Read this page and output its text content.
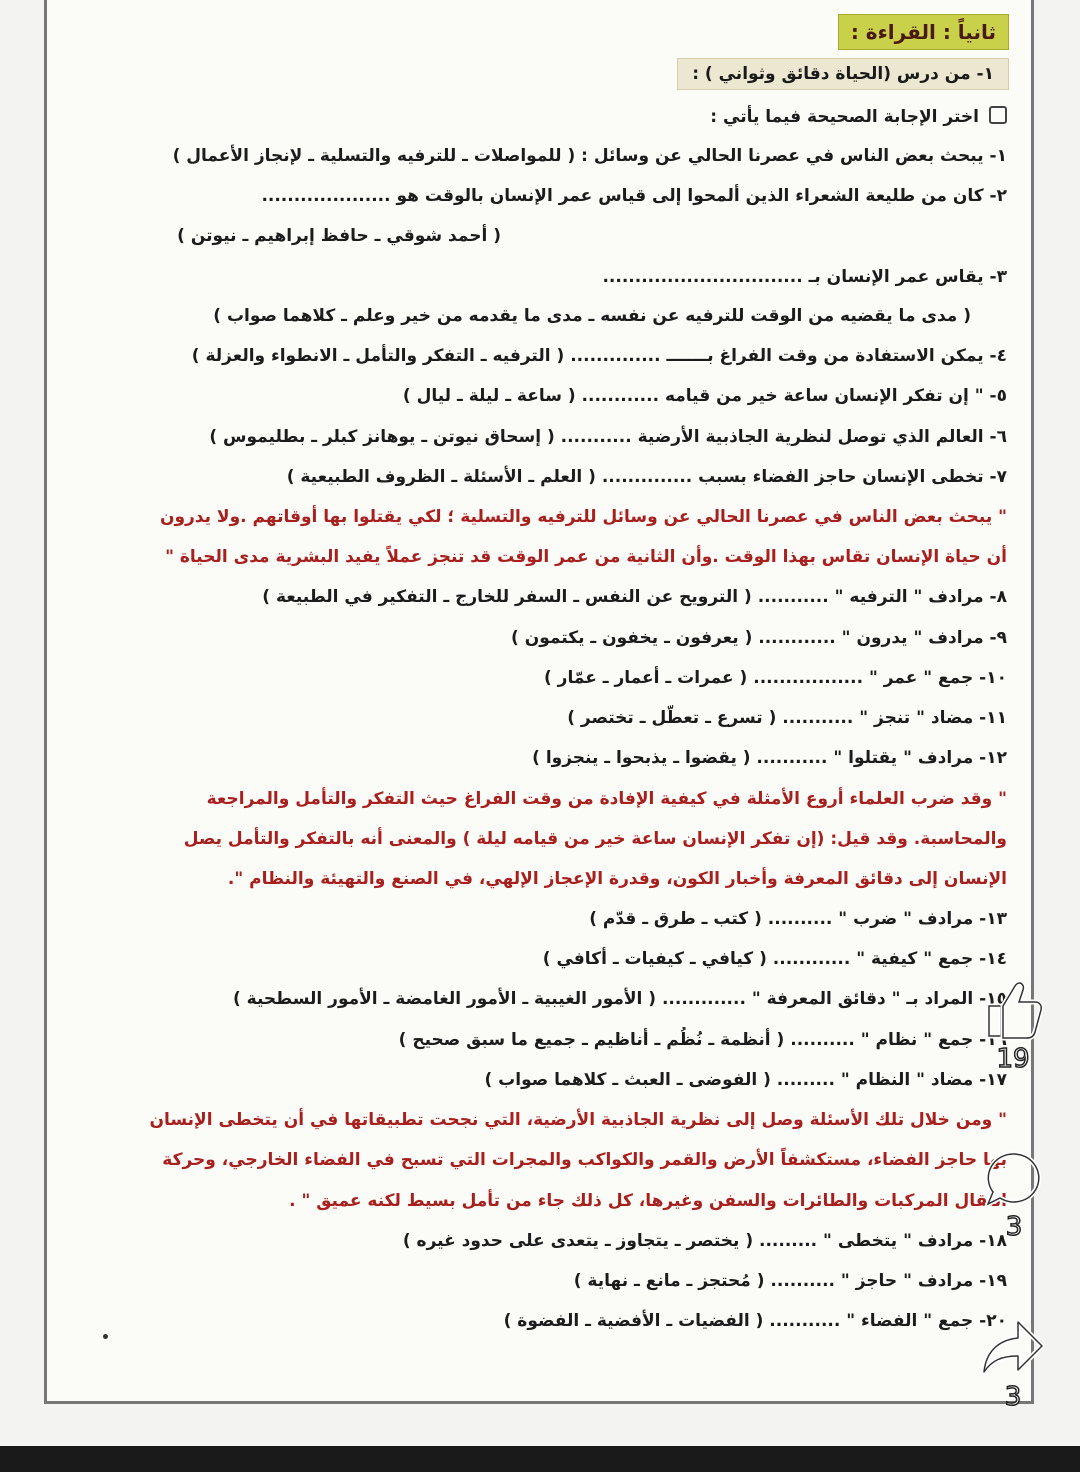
ثانياً : القراءة :
١- من درس (الحياة دقائق وثواني ) :
اختر الإجابة الصحيحة فيما يأتي :
١- يبحث بعض الناس في عصرنا الحالي عن وسائل : ( للمواصلات ـ للترفيه والتسلية ـ لإنجاز الأعمال )
٢- كان من طليعة الشعراء الذين ألمحوا إلى قياس عمر الإنسان بالوقت هو ....................
( أحمد شوقي ـ حافظ إبراهيم ـ نيوتن )
٣- يقاس عمر الإنسان بـ ...............................
( مدى ما يقضيه من الوقت للترفيه عن نفسه ـ مدى ما يقدمه من خير وعلم ـ كلاهما صواب )
٤- يمكن الاستفادة من وقت الفراغ بـــــــ .............. ( الترفيه ـ التفكر والتأمل ـ الانطواء والعزلة )
٥- " إن تفكر الإنسان ساعة خير من قيامه ............ ( ساعة ـ ليلة ـ ليال )
٦- العالم الذي توصل لنظرية الجاذبية الأرضية ........... ( إسحاق نيوتن ـ يوهانز كبلر ـ بطليموس )
٧- تخطى الإنسان حاجز الفضاء بسبب .............. ( العلم ـ الأسئلة ـ الظروف الطبيعية )
" يبحث بعض الناس في عصرنا الحالي عن وسائل للترفيه والتسلية ؛ لكي يقتلوا بها أوقاتهم .ولا يدرون
أن حياة الإنسان تقاس بهذا الوقت .وأن الثانية من عمر الوقت قد تنجز عملاً يفيد البشرية مدى الحياة "
٨- مرادف " الترفيه " ........... ( الترويح عن النفس ـ السفر للخارج ـ التفكير في الطبيعة )
٩- مرادف " يدرون " ............ ( يعرفون ـ يخفون ـ يكتمون )
١٠- جمع " عمر " ................. ( عمرات ـ أعمار ـ عمّار )
١١- مضاد " تنجز " ........... ( تسرع ـ تعطّل ـ تختصر )
١٢- مرادف " يقتلوا " ........... ( يقضوا ـ يذبحوا ـ ينجزوا )
" وقد ضرب العلماء أروع الأمثلة في كيفية الإفادة من وقت الفراغ حيث التفكر والتأمل والمراجعة
والمحاسبة. وقد قيل: (إن تفكر الإنسان ساعة خير من قيامه ليلة ) والمعنى أنه بالتفكر والتأمل يصل
الإنسان إلى دقائق المعرفة وأخبار الكون، وقدرة الإعجاز الإلهي، في الصنع والتهيئة والنظام ".
١٣- مرادف " ضرب " .......... ( كتب ـ طرق ـ قدّم )
١٤- جمع " كيفية " ............ ( كيافي ـ كيفيات ـ أكافي )
١٥- المراد بـ " دقائق المعرفة " ............. ( الأمور الغيبية ـ الأمور الغامضة ـ الأمور السطحية )
١٦- جمع " نظام " .......... ( أنظمة ـ نُظُم ـ أناظيم ـ جميع ما سبق صحيح )
١٧- مضاد " النظام " ......... ( الفوضى ـ العبث ـ كلاهما صواب )
" ومن خلال تلك الأسئلة وصل إلى نظرية الجاذبية الأرضية، التي نجحت تطبيقاتها في أن يتخطى الإنسان
بها حاجز الفضاء، مستكشفاً الأرض والقمر والكواكب والمجرات التي تسبح في الفضاء الخارجي، وحركة
انتقال المركبات والطائرات والسفن وغيرها، كل ذلك جاء من تأمل بسيط لكنه عميق " .
١٨- مرادف " يتخطى " ......... ( يختصر ـ يتجاوز ـ يتعدى على حدود غيره )
١٩- مرادف " حاجز " .......... ( مُحتجز ـ مانع ـ نهاية )
٢٠- جمع " الفضاء " ........... ( الفضيات ـ الأفضية ـ الفضوة )
19
3
3
